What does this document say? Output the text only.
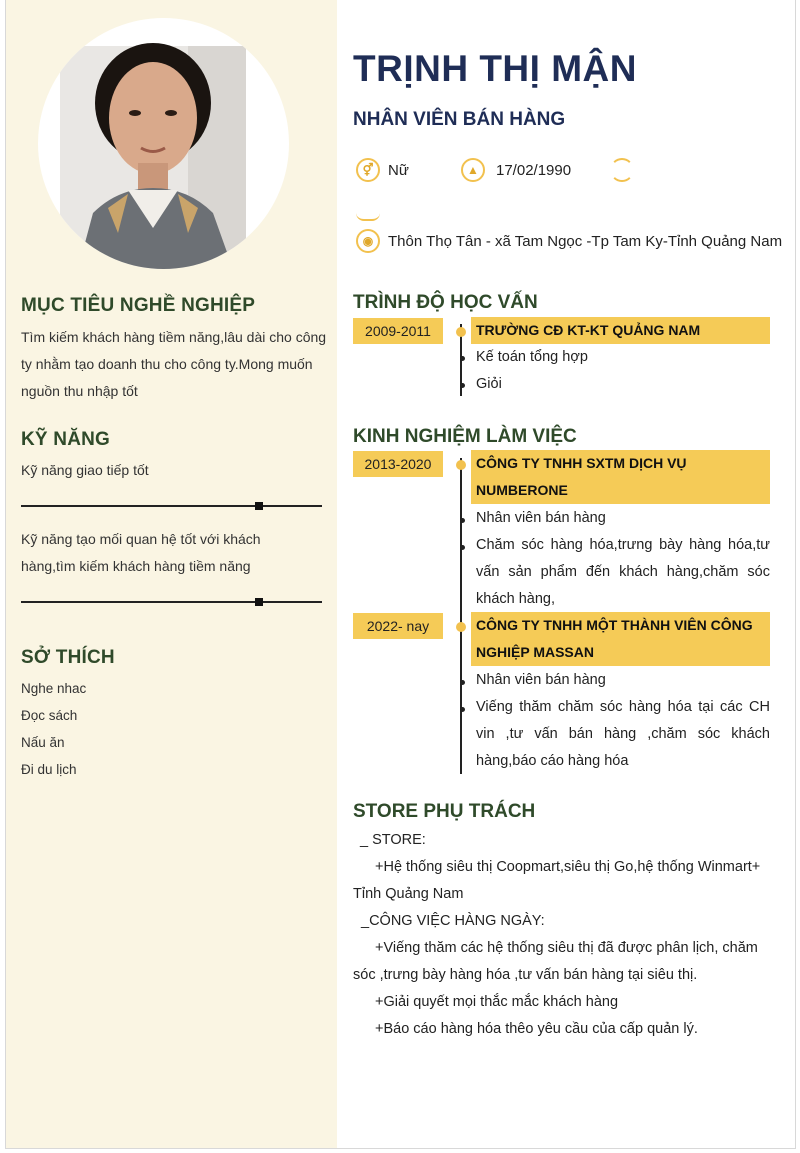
MỤC TIÊU NGHỀ NGHIỆP
Tìm kiếm khách hàng tiềm năng,lâu dài cho công
ty nhằm tạo doanh thu cho công ty.Mong muốn
nguồn thu nhập tốt
KỸ NĂNG
Kỹ năng giao tiếp tốt
Kỹ năng tạo mối quan hệ tốt với khách
hàng,tìm kiếm khách hàng tiềm năng
SỞ THÍCH
Nghe nhac
Đọc sách
Nấu ăn
Đi du lịch
TRỊNH THỊ MẬN
NHÂN VIÊN BÁN HÀNG
⚥ Nữ	▲	17/02/1990
◉ Thôn Thọ Tân - xã Tam Ngọc -Tp Tam Ky-Tỉnh Quảng Nam
TRÌNH ĐỘ HỌC VẤN
2009-2011	TRƯỜNG CĐ KT-KT QUẢNG NAM
Kế toán tổng hợp
Giỏi
KINH NGHIỆM LÀM VIỆC
2013-2020	CÔNG TY TNHH SXTM DỊCH VỤ NUMBERONE
Nhân viên bán hàng
Chăm sóc hàng hóa,trưng bày hàng hóa,tư vấn sản phẩm đến khách hàng,chăm sóc khách hàng,
2022- nay	CÔNG TY TNHH MỘT THÀNH VIÊN CÔNG NGHIỆP MASSAN
Nhân viên bán hàng
Viếng thăm chăm sóc hàng hóa tại các CH vin ,tư vấn bán hàng ,chăm sóc khách hàng,báo cáo hàng hóa
STORE PHỤ TRÁCH
_ STORE:
+Hệ thống siêu thị Coopmart,siêu thị Go,hệ thống Winmart+ Tỉnh Quảng Nam
_CÔNG VIỆC HÀNG NGÀY:
+Viếng thăm các hệ thống siêu thị đã được phân lịch, chăm sóc ,trưng bày hàng hóa ,tư vấn bán hàng tại siêu thị.
+Giải quyết mọi thắc mắc khách hàng
+Báo cáo hàng hóa thêo yêu cầu của cấp quản lý.
